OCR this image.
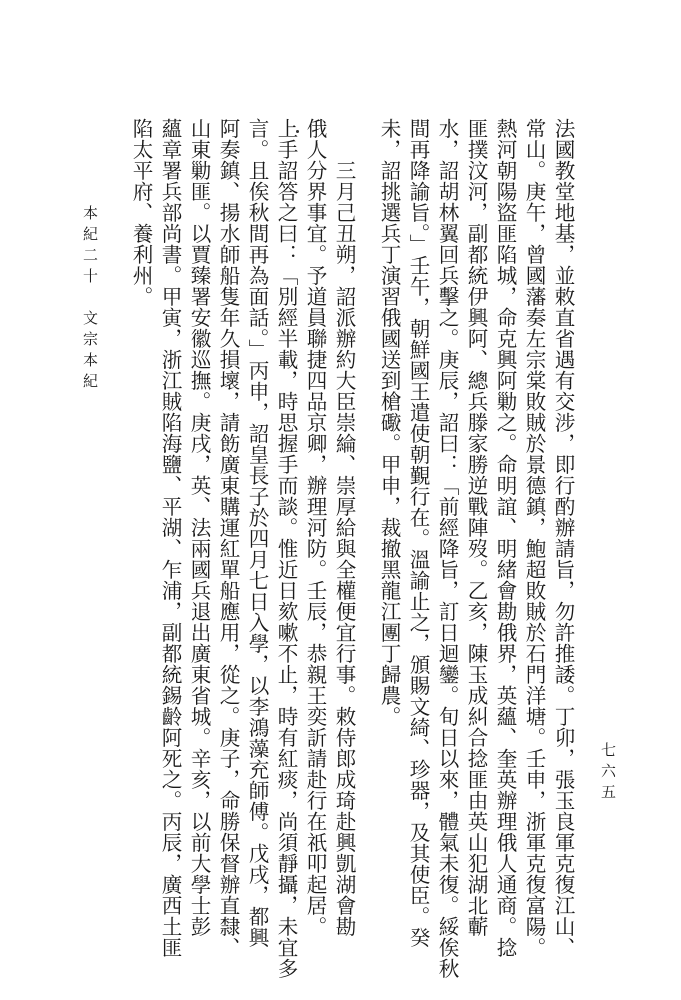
法國教堂地基，並敕直省遇有交涉，即行酌辦請旨，勿許推諉。丁卯，張玉良軍克復江山、
常山。庚午，曾國藩奏左宗棠敗賊於景德鎮，鮑超敗賊於石門洋塘。壬申，浙軍克復富陽。
熱河朝陽盜匪陷城，命克興阿勦之。命明誼、明緒會勘俄界，英蘊、奎英辦理俄人通商。捻
匪撲汶河，副都統伊興阿、總兵滕家勝逆戰陣歿。乙亥，陳玉成糾合捻匪由英山犯湖北蘄
水，詔胡林翼回兵擊之。庚辰，詔曰：「前經降旨，訂日迴鑾。旬日以來，體氣未復。綏俟秋
間再降諭旨。」壬午，朝鮮國王遣使朝覲行在。溫諭止之，頒賜文綺、珍器，及其使臣。癸
未，詔挑選兵丁演習俄國送到槍礮。甲申，裁撤黑龍江團丁歸農。
三月己丑朔，詔派辦約大臣崇綸、崇厚給與全權便宜行事。敕侍郎成琦赴興凱湖會勘
俄人分界事宜。予道員聯捷四品京卿，辦理河防。壬辰，恭親王奕訢請赴行在祇叩起居。
上手詔答之曰：「別經半載，時思握手而談。惟近日欬嗽不止，時有紅痰，尚須靜攝，未宜多
言。且俟秋間再為面話。」丙申，詔皇長子於四月七日入學，以李鴻藻充師傅。戊戌，都興
阿奏鎮、揚水師船隻年久損壞，請飭廣東購運紅單船應用，從之。庚子，命勝保督辦直隸、
山東勦匪。以賈臻署安徽巡撫。庚戌，英、法兩國兵退出廣東省城。辛亥，以前大學士彭
蘊章署兵部尚書。甲寅，浙江賊陷海鹽、平湖、乍浦，副都統錫齡阿死之。丙辰，廣西土匪
陷太平府、養利州。
本紀二十　文宗本紀
七六五
